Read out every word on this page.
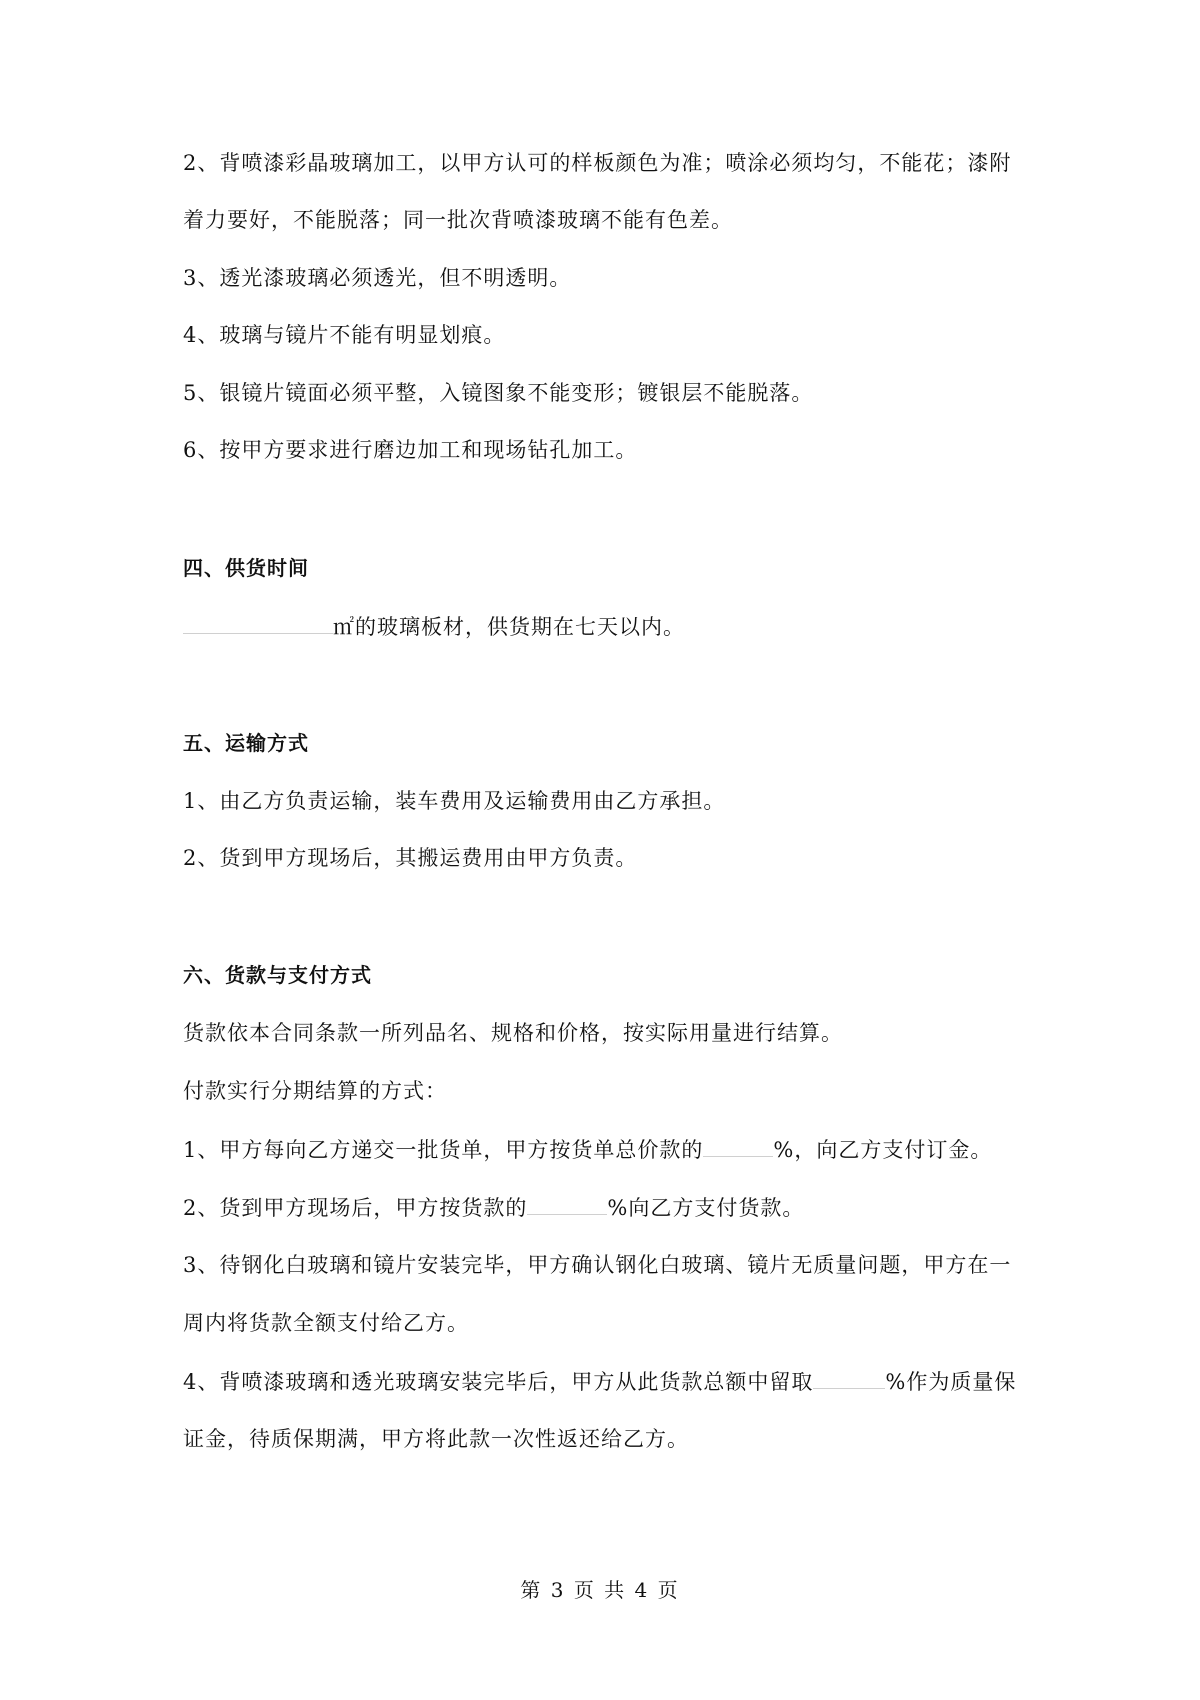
2、背喷漆彩晶玻璃加工，以甲方认可的样板颜色为准；喷涂必须均匀，不能花；漆附
着力要好，不能脱落；同一批次背喷漆玻璃不能有色差。
3、透光漆玻璃必须透光，但不明透明。
4、玻璃与镜片不能有明显划痕。
5、银镜片镜面必须平整，入镜图象不能变形；镀银层不能脱落。
6、按甲方要求进行磨边加工和现场钻孔加工。
四、供货时间
㎡的玻璃板材，供货期在七天以内。
五、运输方式
1、由乙方负责运输，装车费用及运输费用由乙方承担。
2、货到甲方现场后，其搬运费用由甲方负责。
六、货款与支付方式
货款依本合同条款一所列品名、规格和价格，按实际用量进行结算。
付款实行分期结算的方式：
1、甲方每向乙方递交一批货单，甲方按货单总价款的	%，向乙方支付订金。
2、货到甲方现场后，甲方按货款的	%向乙方支付货款。
3、待钢化白玻璃和镜片安装完毕，甲方确认钢化白玻璃、镜片无质量问题，甲方在一
周内将货款全额支付给乙方。
4、背喷漆玻璃和透光玻璃安装完毕后，甲方从此货款总额中留取	%作为质量保
证金，待质保期满，甲方将此款一次性返还给乙方。
第 3 页 共 4 页
